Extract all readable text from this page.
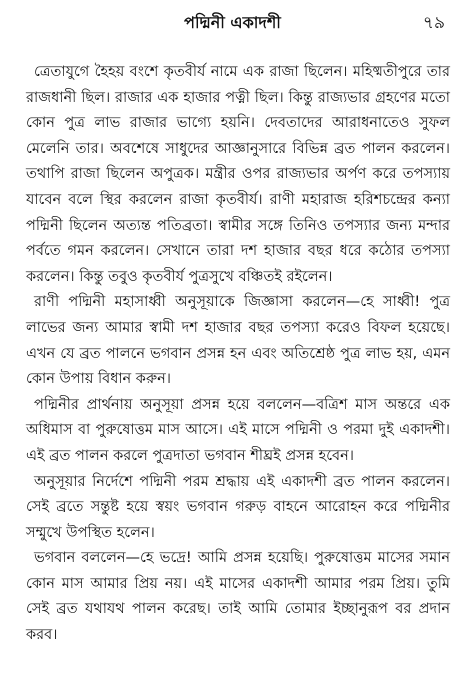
পদ্মিনী একাদশী	৭৯

ত্রেতাযুগে হৈহয় বংশে কৃতবীর্য নামে এক রাজা ছিলেন। মহিষ্মতীপুরে তার রাজধানী ছিল। রাজার এক হাজার পত্নী ছিল। কিন্তু রাজ্যভার গ্রহণের মতো কোন পুত্র লাভ রাজার ভাগ্যে হয়নি। দেবতাদের আরাধনাতেও সুফল মেলেনি তার। অবশেষে সাধুদের আজ্ঞানুসারে বিভিন্ন ব্রত পালন করলেন। তথাপি রাজা ছিলেন অপুত্রক। মন্ত্রীর ওপর রাজ্যভার অর্পণ করে তপস্যায় যাবেন বলে স্থির করলেন রাজা কৃতবীর্য। রাণী মহারাজ হরিশচন্দ্রের কন্যা পদ্মিনী ছিলেন অত্যন্ত পতিব্রতা। স্বামীর সঙ্গে তিনিও তপস্যার জন্য মন্দার পর্বতে গমন করলেন। সেখানে তারা দশ হাজার বছর ধরে কঠোর তপস্যা করলেন। কিন্তু তবুও কৃতবীর্য পুত্রসুখে বঞ্চিতই রইলেন।

রাণী পদ্মিনী মহাসাধ্বী অনুসূয়াকে জিজ্ঞাসা করলেন—হে সাধ্বী! পুত্র লাভের জন্য আমার স্বামী দশ হাজার বছর তপস্যা করেও বিফল হয়েছে। এখন যে ব্রত পালনে ভগবান প্রসন্ন হন এবং অতিশ্রেষ্ঠ পুত্র লাভ হয়, এমন কোন উপায় বিধান করুন।

পদ্মিনীর প্রার্থনায় অনুসূয়া প্রসন্ন হয়ে বললেন—বত্রিশ মাস অন্তরে এক অধিমাস বা পুরুষোত্তম মাস আসে। এই মাসে পদ্মিনী ও পরমা দুই একাদশী। এই ব্রত পালন করলে পুত্রদাতা ভগবান শীঘ্রই প্রসন্ন হবেন।

অনুসূয়ার নির্দেশে পদ্মিনী পরম শ্রদ্ধায় এই একাদশী ব্রত পালন করলেন। সেই ব্রতে সন্তুষ্ট হয়ে স্বয়ং ভগবান গরুড় বাহনে আরোহন করে পদ্মিনীর সম্মুখে উপস্থিত হলেন।

ভগবান বললেন—হে ভদ্রে! আমি প্রসন্ন হয়েছি। পুরুষোত্তম মাসের সমান কোন মাস আমার প্রিয় নয়। এই মাসের একাদশী আমার পরম প্রিয়। তুমি সেই ব্রত যথাযথ পালন করেছ। তাই আমি তোমার ইচ্ছানুরূপ বর প্রদান করব।
